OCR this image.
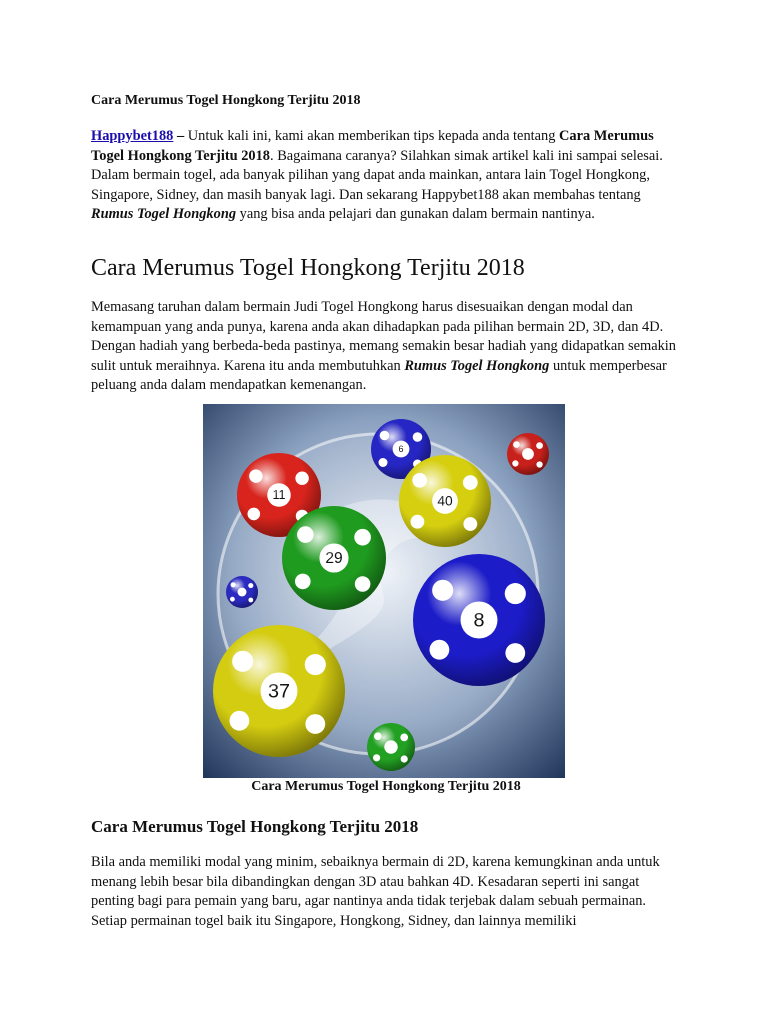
Cara Merumus Togel Hongkong Terjitu 2018
Happybet188 – Untuk kali ini, kami akan memberikan tips kepada anda tentang Cara Merumus Togel Hongkong Terjitu 2018. Bagaimana caranya? Silahkan simak artikel kali ini sampai selesai. Dalam bermain togel, ada banyak pilihan yang dapat anda mainkan, antara lain Togel Hongkong, Singapore, Sidney, dan masih banyak lagi. Dan sekarang Happybet188 akan membahas tentang Rumus Togel Hongkong yang bisa anda pelajari dan gunakan dalam bermain nantinya.
Cara Merumus Togel Hongkong Terjitu 2018
Memasang taruhan dalam bermain Judi Togel Hongkong harus disesuaikan dengan modal dan kemampuan yang anda punya, karena anda akan dihadapkan pada pilihan bermain 2D, 3D, dan 4D. Dengan hadiah yang berbeda-beda pastinya, memang semakin besar hadiah yang didapatkan semakin sulit untuk meraihnya. Karena itu anda membutuhkan Rumus Togel Hongkong untuk memperbesar peluang anda dalam mendapatkan kemenangan.
Cara Merumus Togel Hongkong Terjitu 2018
Cara Merumus Togel Hongkong Terjitu 2018
Bila anda memiliki modal yang minim, sebaiknya bermain di 2D, karena kemungkinan anda untuk menang lebih besar bila dibandingkan dengan 3D atau bahkan 4D. Kesadaran seperti ini sangat penting bagi para pemain yang baru, agar nantinya anda tidak terjebak dalam sebuah permainan. Setiap permainan togel baik itu Singapore, Hongkong, Sidney, dan lainnya memiliki
